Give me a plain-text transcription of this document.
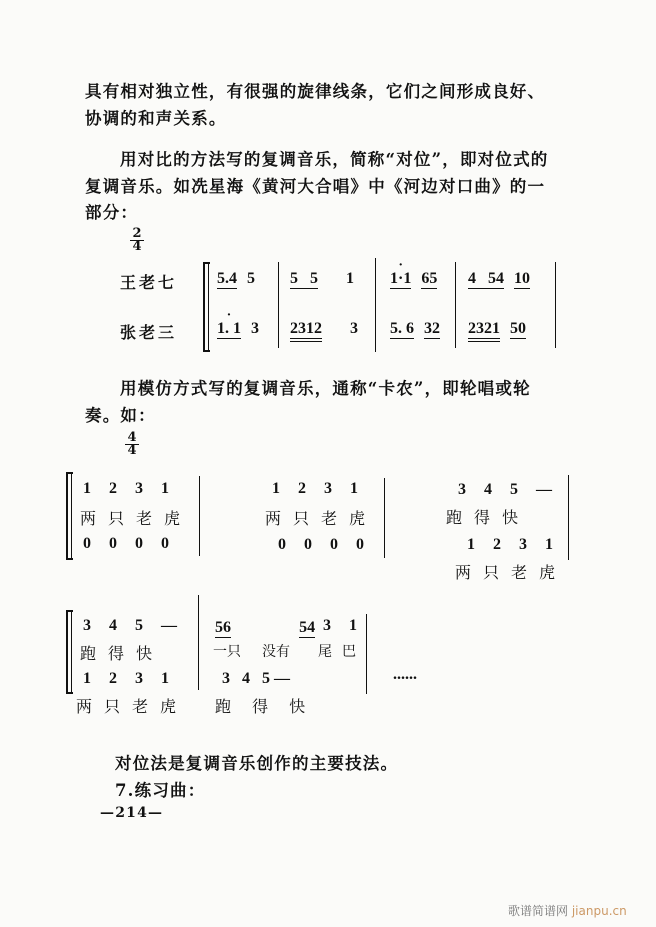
具有相对独立性，有很强的旋律线条，它们之间形成良好、
协调的和声关系。
用对比的方法写的复调音乐，简称“对位”，即对位式的
复调音乐。如冼星海《黄河大合唱》中《河边对口曲》的一
部分：
$\frac{2}{4}$
王老七
张老三
5.4 5	5   5 1	· 1·1 65	4   54 10
· 1. 1 3	2312 3	5. 6 32	2321 50
用模仿方式写的复调音乐，通称“卡农”，即轮唱或轮
奏。如：
$\frac{4}{4}$
1 2 3 1
两只老虎
0 0 0 0
1 2 3 1
两只老虎
0 0 0 0
3 4 5 —
跑得快
1 2 3 1
两只老虎
3 4 5 —
跑得快
1 2 3 1
两只老虎
56	54 3 1
一只 没有 尾巴
3   4   5 —
跑 得 快
......
对位法是复调音乐创作的主要技法。
7.练习曲：
—214—
歌谱简谱网 jianpu.cn
